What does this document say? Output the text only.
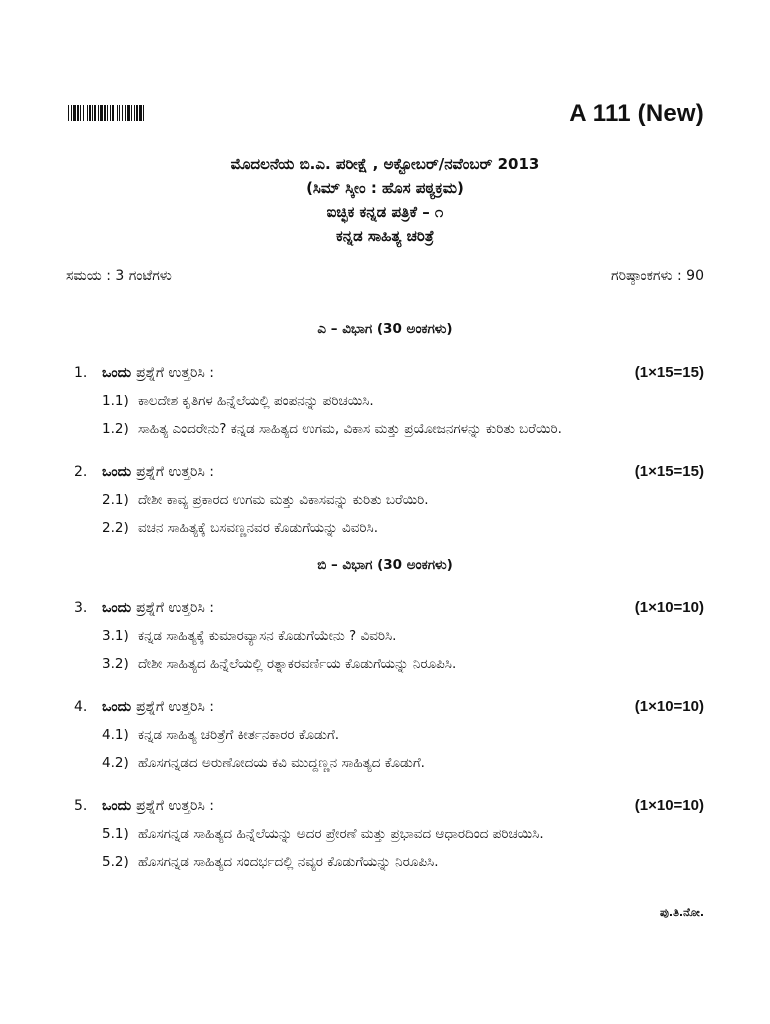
A 111 (New)
ಮೊದಲನೆಯ ಬಿ.ಎ. ಪರೀಕ್ಷೆ , ಅಕ್ಟೋಬರ್/ನವೆಂಬರ್ 2013
(ಸಿಮ್ ಸ್ಕೀಂ : ಹೊಸ ಪಠ್ಯಕ್ರಮ)
ಐಚ್ಛಿಕ ಕನ್ನಡ ಪತ್ರಿಕೆ – ೧
ಕನ್ನಡ ಸಾಹಿತ್ಯ ಚರಿತ್ರೆ
ಸಮಯ : 3 ಗಂಟೆಗಳು	ಗರಿಷ್ಠಾಂಕಗಳು : 90
ಎ – ವಿಭಾಗ (30 ಅಂಕಗಳು)
1.	ಒಂದು ಪ್ರಶ್ನೆಗೆ ಉತ್ತರಿಸಿ :	(1×15=15)
1.1) ಕಾಲದೇಶ ಕೃತಿಗಳ ಹಿನ್ನೆಲೆಯಲ್ಲಿ ಪಂಪನನ್ನು ಪರಿಚಯಿಸಿ.
1.2) ಸಾಹಿತ್ಯ ಎಂದರೇನು? ಕನ್ನಡ ಸಾಹಿತ್ಯದ ಉಗಮ, ವಿಕಾಸ ಮತ್ತು ಪ್ರಯೋಜನಗಳನ್ನು ಕುರಿತು ಬರೆಯಿರಿ.
2.	ಒಂದು ಪ್ರಶ್ನೆಗೆ ಉತ್ತರಿಸಿ :	(1×15=15)
2.1) ದೇಶೀ ಕಾವ್ಯ ಪ್ರಕಾರದ ಉಗಮ ಮತ್ತು ವಿಕಾಸವನ್ನು ಕುರಿತು ಬರೆಯಿರಿ.
2.2) ವಚನ ಸಾಹಿತ್ಯಕ್ಕೆ ಬಸವಣ್ಣನವರ ಕೊಡುಗೆಯನ್ನು ವಿವರಿಸಿ.
ಬಿ – ವಿಭಾಗ (30 ಅಂಕಗಳು)
3.	ಒಂದು ಪ್ರಶ್ನೆಗೆ ಉತ್ತರಿಸಿ :	(1×10=10)
3.1) ಕನ್ನಡ ಸಾಹಿತ್ಯಕ್ಕೆ ಕುಮಾರವ್ಯಾಸನ ಕೊಡುಗೆಯೇನು ? ವಿವರಿಸಿ.
3.2) ದೇಶೀ ಸಾಹಿತ್ಯದ ಹಿನ್ನೆಲೆಯಲ್ಲಿ ರತ್ನಾಕರವರ್ಣಿಯ ಕೊಡುಗೆಯನ್ನು ನಿರೂಪಿಸಿ.
4.	ಒಂದು ಪ್ರಶ್ನೆಗೆ ಉತ್ತರಿಸಿ :	(1×10=10)
4.1) ಕನ್ನಡ ಸಾಹಿತ್ಯ ಚರಿತ್ರೆಗೆ ಕೀರ್ತನಕಾರರ ಕೊಡುಗೆ.
4.2) ಹೊಸಗನ್ನಡದ ಅರುಣೋದಯ ಕವಿ ಮುದ್ದಣ್ಣನ ಸಾಹಿತ್ಯದ ಕೊಡುಗೆ.
5.	ಒಂದು ಪ್ರಶ್ನೆಗೆ ಉತ್ತರಿಸಿ :	(1×10=10)
5.1) ಹೊಸಗನ್ನಡ ಸಾಹಿತ್ಯದ ಹಿನ್ನೆಲೆಯನ್ನು ಅದರ ಪ್ರೇರಣೆ ಮತ್ತು ಪ್ರಭಾವದ ಆಧಾರದಿಂದ ಪರಿಚಯಿಸಿ.
5.2) ಹೊಸಗನ್ನಡ ಸಾಹಿತ್ಯದ ಸಂದರ್ಭದಲ್ಲಿ ನವ್ಯರ ಕೊಡುಗೆಯನ್ನು ನಿರೂಪಿಸಿ.
ಪು.ತಿ.ನೋ.
